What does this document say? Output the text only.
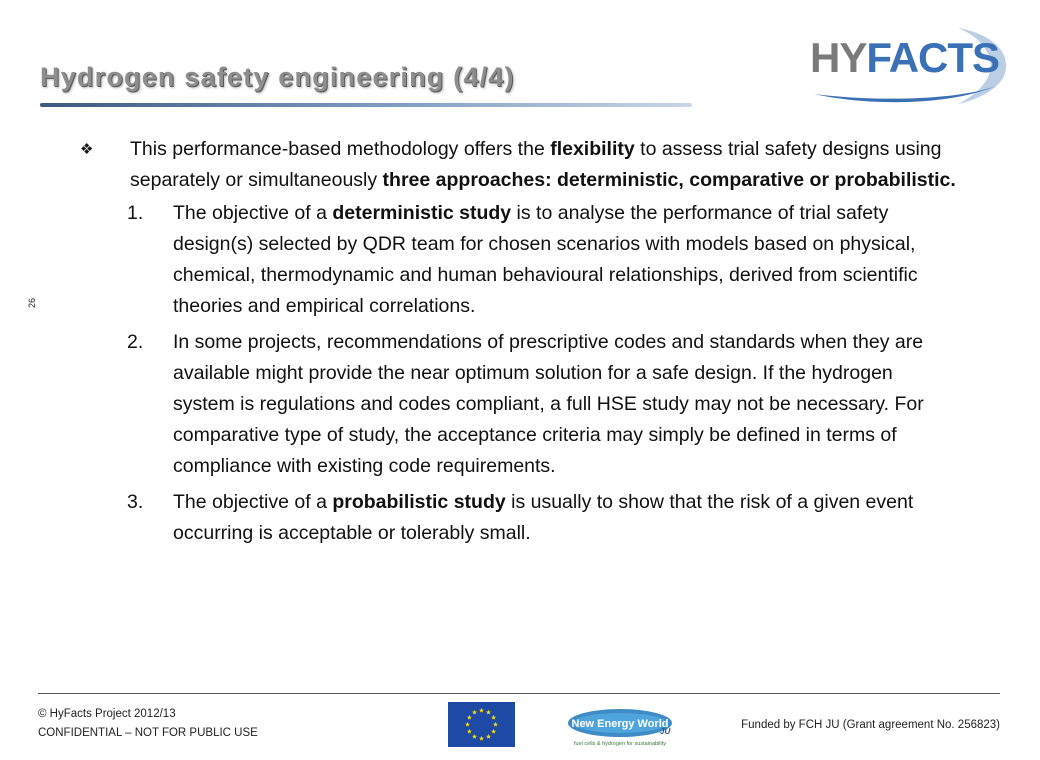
Hydrogen safety engineering (4/4)	HYFACTS
26
❖	This performance-based methodology offers the flexibility to assess trial safety designs using separately or simultaneously three approaches: deterministic, comparative or probabilistic.
1.	The objective of a deterministic study is to analyse the performance of trial safety design(s) selected by QDR team for chosen scenarios with models based on physical, chemical, thermodynamic and human behavioural relationships, derived from scientific theories and empirical correlations.
2.	In some projects, recommendations of prescriptive codes and standards when they are available might provide the near optimum solution for a safe design. If the hydrogen system is regulations and codes compliant, a full HSE study may not be necessary. For comparative type of study, the acceptance criteria may simply be defined in terms of compliance with existing code requirements.
3.	The objective of a probabilistic study is usually to show that the risk of a given event occurring is acceptable or tolerably small.
© HyFacts Project 2012/13
CONFIDENTIAL – NOT FOR PUBLIC USE
New Energy World
JU
fuel cells & hydrogen for sustainability
Funded by FCH JU (Grant agreement No. 256823)
